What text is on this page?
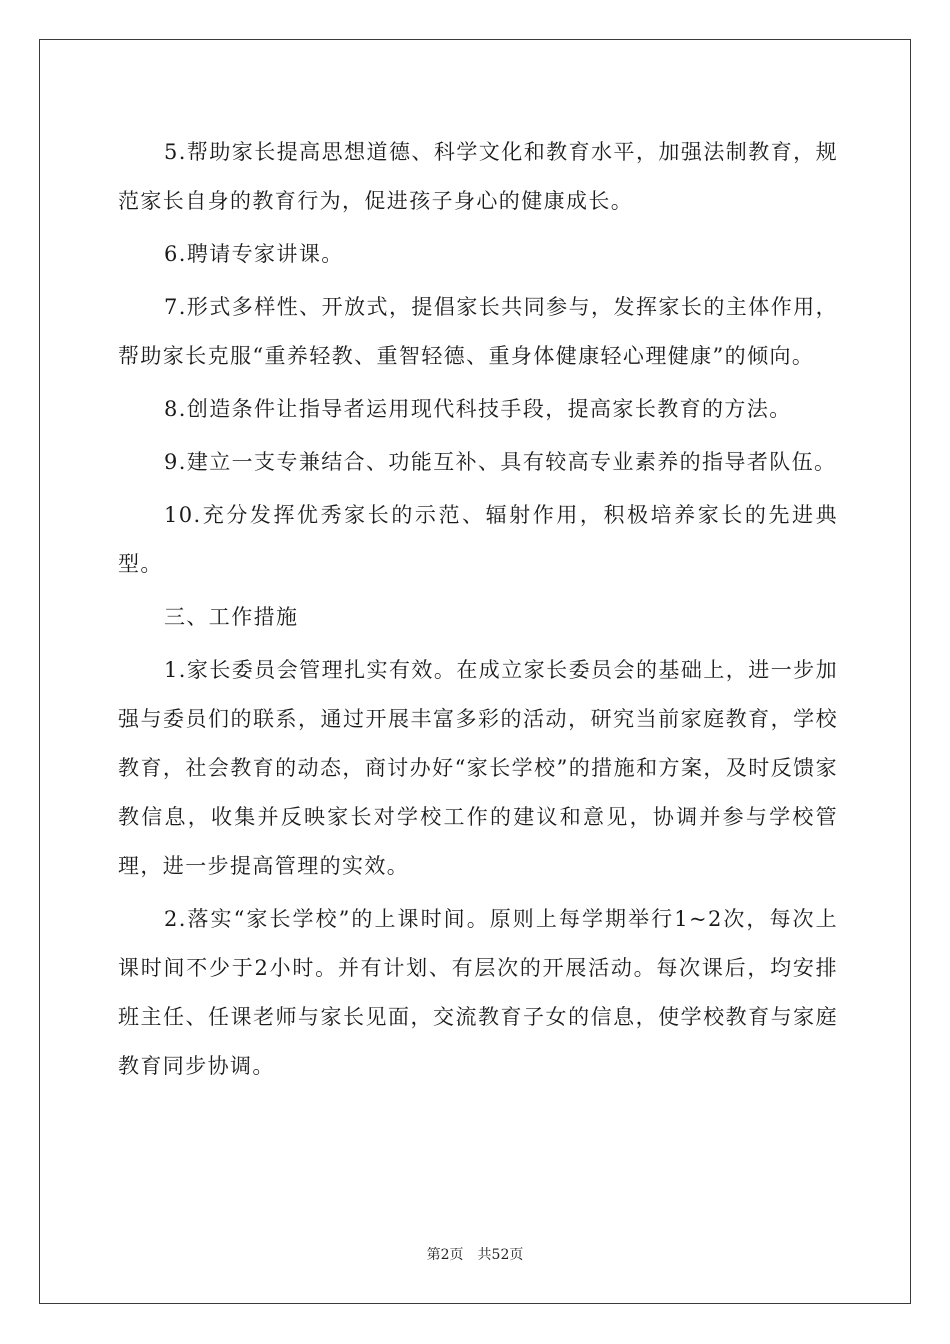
5.帮助家长提高思想道德、科学文化和教育水平，加强法制教育，规范家长自身的教育行为，促进孩子身心的健康成长。

6.聘请专家讲课。

7.形式多样性、开放式，提倡家长共同参与，发挥家长的主体作用，帮助家长克服“重养轻教、重智轻德、重身体健康轻心理健康”的倾向。

8.创造条件让指导者运用现代科技手段，提高家长教育的方法。

9.建立一支专兼结合、功能互补、具有较高专业素养的指导者队伍。

10.充分发挥优秀家长的示范、辐射作用，积极培养家长的先进典型。

三、工作措施

1.家长委员会管理扎实有效。在成立家长委员会的基础上，进一步加强与委员们的联系，通过开展丰富多彩的活动，研究当前家庭教育，学校教育，社会教育的动态，商讨办好“家长学校”的措施和方案，及时反馈家教信息，收集并反映家长对学校工作的建议和意见，协调并参与学校管理，进一步提高管理的实效。

2.落实“家长学校”的上课时间。原则上每学期举行1~2次，每次上课时间不少于2小时。并有计划、有层次的开展活动。每次课后，均安排班主任、任课老师与家长见面，交流教育子女的信息，使学校教育与家庭教育同步协调。

第2页 共52页
